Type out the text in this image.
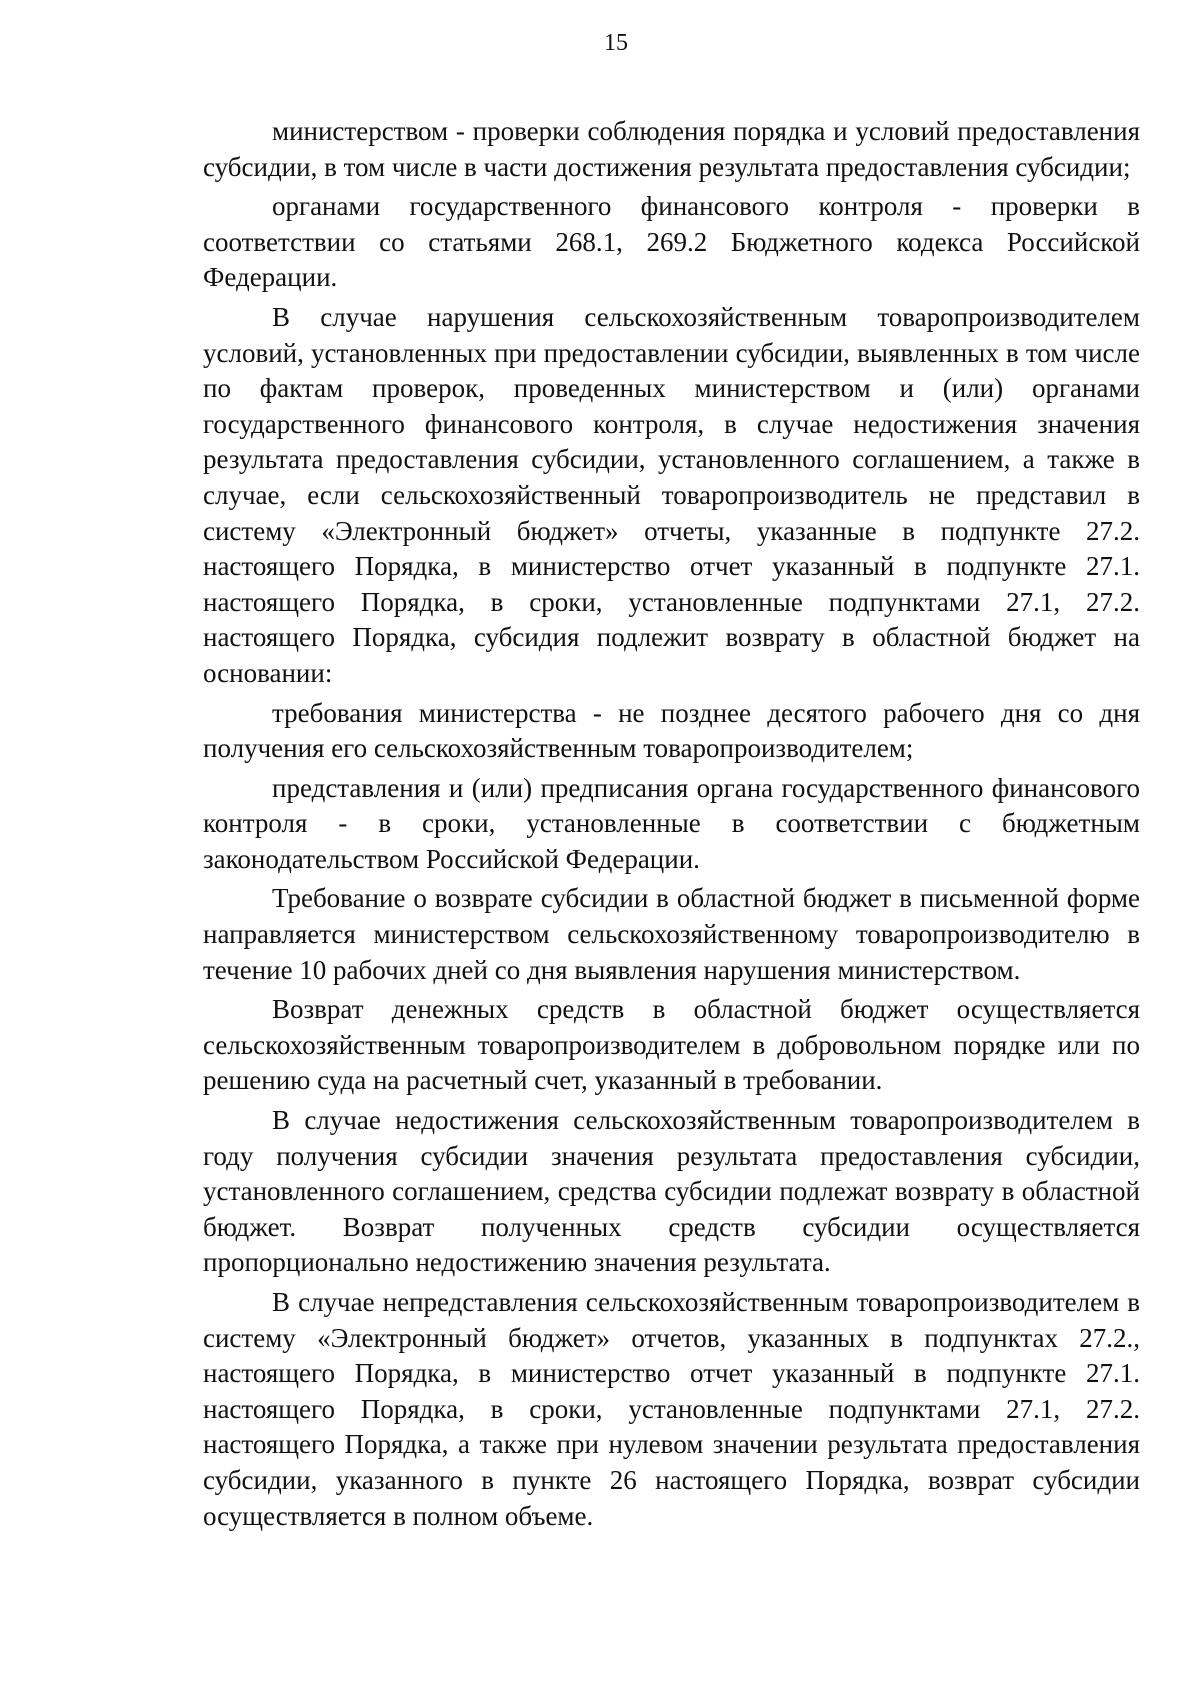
15

министерством - проверки соблюдения порядка и условий предоставления субсидии, в том числе в части достижения результата предоставления субсидии;

органами государственного финансового контроля - проверки в соответствии со статьями 268.1, 269.2 Бюджетного кодекса Российской Федерации.

В случае нарушения сельскохозяйственным товаропроизводителем условий, установленных при предоставлении субсидии, выявленных в том числе по фактам проверок, проведенных министерством и (или) органами государственного финансового контроля, в случае недостижения значения результата предоставления субсидии, установленного соглашением, а также в случае, если сельскохозяйственный товаропроизводитель не представил в систему «Электронный бюджет» отчеты, указанные в подпункте 27.2. настоящего Порядка, в министерство отчет указанный в подпункте 27.1. настоящего Порядка, в сроки, установленные подпунктами 27.1, 27.2. настоящего Порядка, субсидия подлежит возврату в областной бюджет на основании:

требования министерства - не позднее десятого рабочего дня со дня получения его сельскохозяйственным товаропроизводителем;

представления и (или) предписания органа государственного финансового контроля - в сроки, установленные в соответствии с бюджетным законодательством Российской Федерации.

Требование о возврате субсидии в областной бюджет в письменной форме направляется министерством сельскохозяйственному товаропроизводителю в течение 10 рабочих дней со дня выявления нарушения министерством.

Возврат денежных средств в областной бюджет осуществляется сельскохозяйственным товаропроизводителем в добровольном порядке или по решению суда на расчетный счет, указанный в требовании.

В случае недостижения сельскохозяйственным товаропроизводителем в году получения субсидии значения результата предоставления субсидии, установленного соглашением, средства субсидии подлежат возврату в областной бюджет. Возврат полученных средств субсидии осуществляется пропорционально недостижению значения результата.

В случае непредставления сельскохозяйственным товаропроизводителем в систему «Электронный бюджет» отчетов, указанных в подпунктах 27.2., настоящего Порядка, в министерство отчет указанный в подпункте 27.1. настоящего Порядка, в сроки, установленные подпунктами 27.1, 27.2. настоящего Порядка, а также при нулевом значении результата предоставления субсидии, указанного в пункте 26 настоящего Порядка, возврат субсидии осуществляется в полном объеме.
